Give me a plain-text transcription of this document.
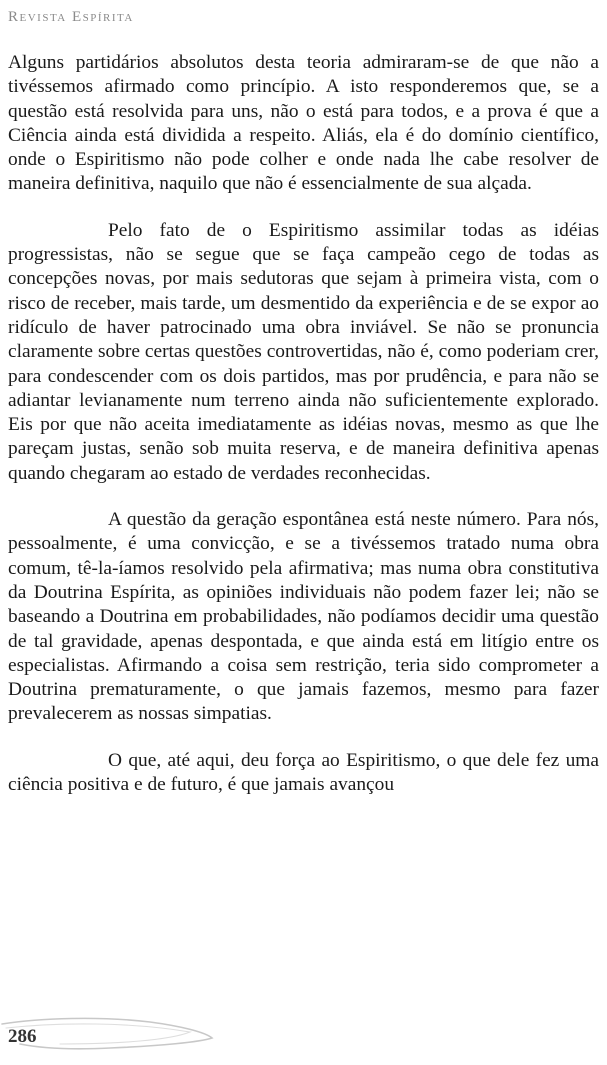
Revista Espírita

Alguns partidários absolutos desta teoria admiraram-se de que não a tivéssemos afirmado como princípio. A isto responderemos que, se a questão está resolvida para uns, não o está para todos, e a prova é que a Ciência ainda está dividida a respeito. Aliás, ela é do domínio científico, onde o Espiritismo não pode colher e onde nada lhe cabe resolver de maneira definitiva, naquilo que não é essencialmente de sua alçada.

Pelo fato de o Espiritismo assimilar todas as idéias progressistas, não se segue que se faça campeão cego de todas as concepções novas, por mais sedutoras que sejam à primeira vista, com o risco de receber, mais tarde, um desmentido da experiência e de se expor ao ridículo de haver patrocinado uma obra inviável. Se não se pronuncia claramente sobre certas questões controvertidas, não é, como poderiam crer, para condescender com os dois partidos, mas por prudência, e para não se adiantar levianamente num terreno ainda não suficientemente explorado. Eis por que não aceita imediatamente as idéias novas, mesmo as que lhe pareçam justas, senão sob muita reserva, e de maneira definitiva apenas quando chegaram ao estado de verdades reconhecidas.

A questão da geração espontânea está neste número. Para nós, pessoalmente, é uma convicção, e se a tivéssemos tratado numa obra comum, tê-la-íamos resolvido pela afirmativa; mas numa obra constitutiva da Doutrina Espírita, as opiniões individuais não podem fazer lei; não se baseando a Doutrina em probabilidades, não podíamos decidir uma questão de tal gravidade, apenas despontada, e que ainda está em litígio entre os especialistas. Afirmando a coisa sem restrição, teria sido comprometer a Doutrina prematuramente, o que jamais fazemos, mesmo para fazer prevalecerem as nossas simpatias.

O que, até aqui, deu força ao Espiritismo, o que dele fez uma ciência positiva e de futuro, é que jamais avançou

286
